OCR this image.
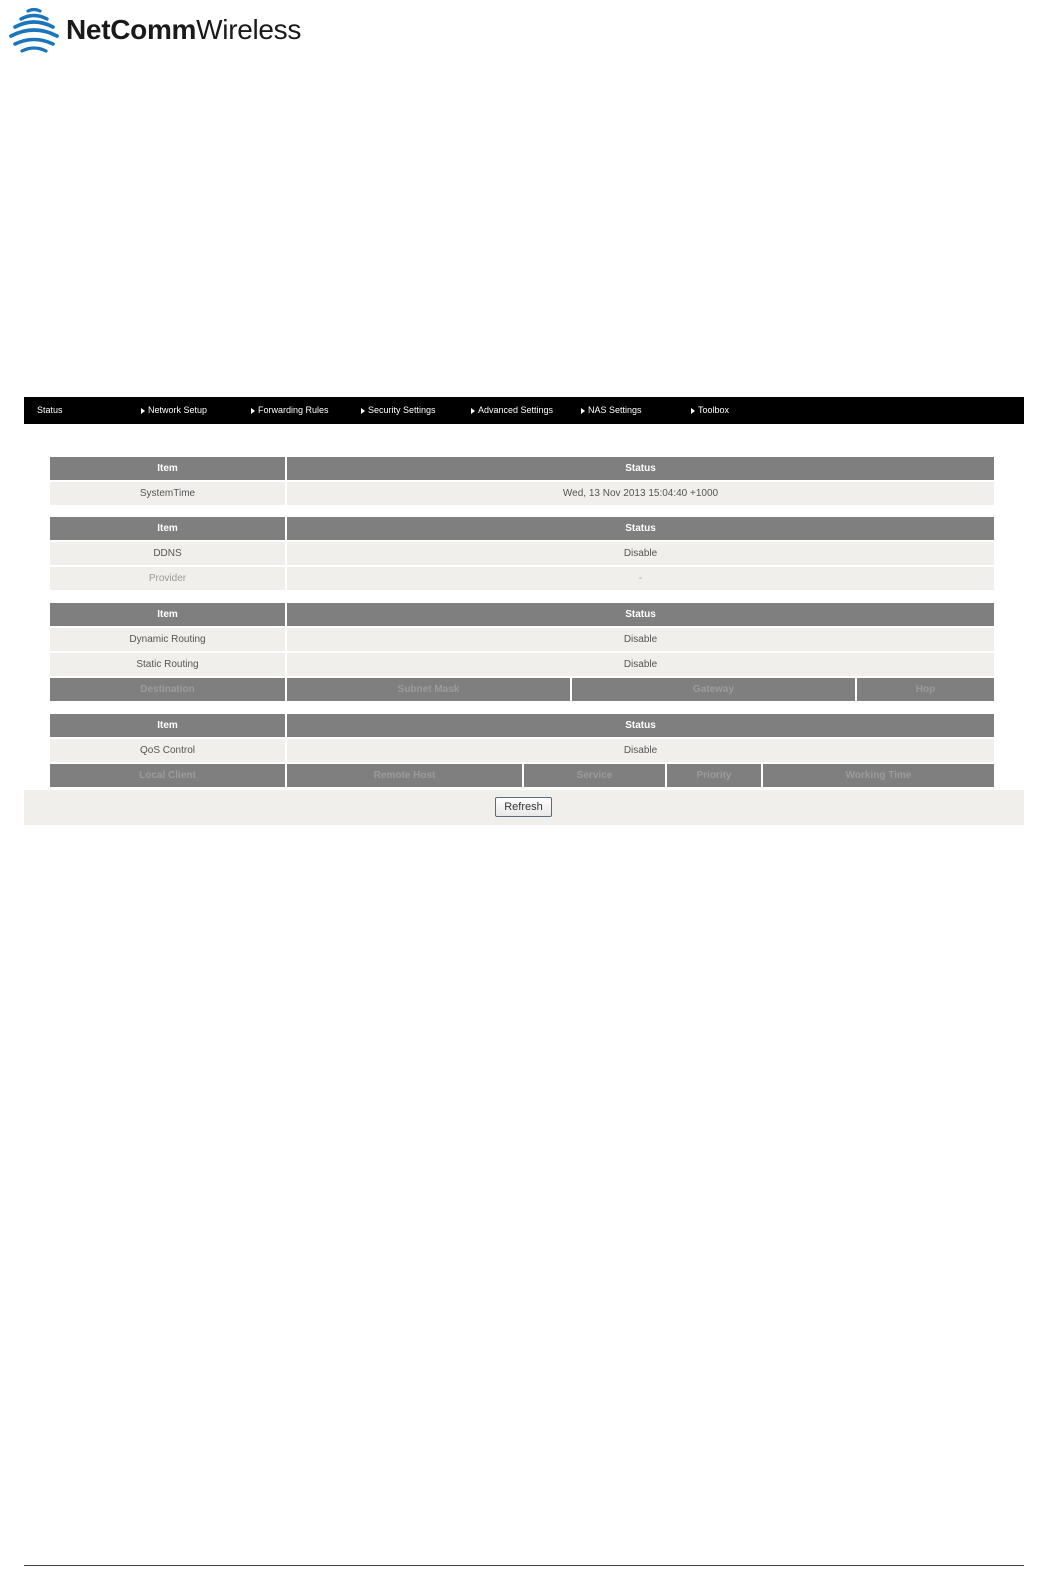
NetCommWireless
Status	Network Setup	Forwarding Rules	Security Settings	Advanced Settings	NAS Settings	Toolbox
Item	Status
SystemTime	Wed, 13 Nov 2013 15:04:40 +1000
Item	Status
DDNS	Disable
Provider	-
Item	Status		
Dynamic Routing	Disable		
Static Routing	Disable		
Destination	Subnet Mask	Gateway	Hop
Item	Status			
QoS Control	Disable			
Local Client	Remote Host	Service	Priority	Working Time
Refresh
